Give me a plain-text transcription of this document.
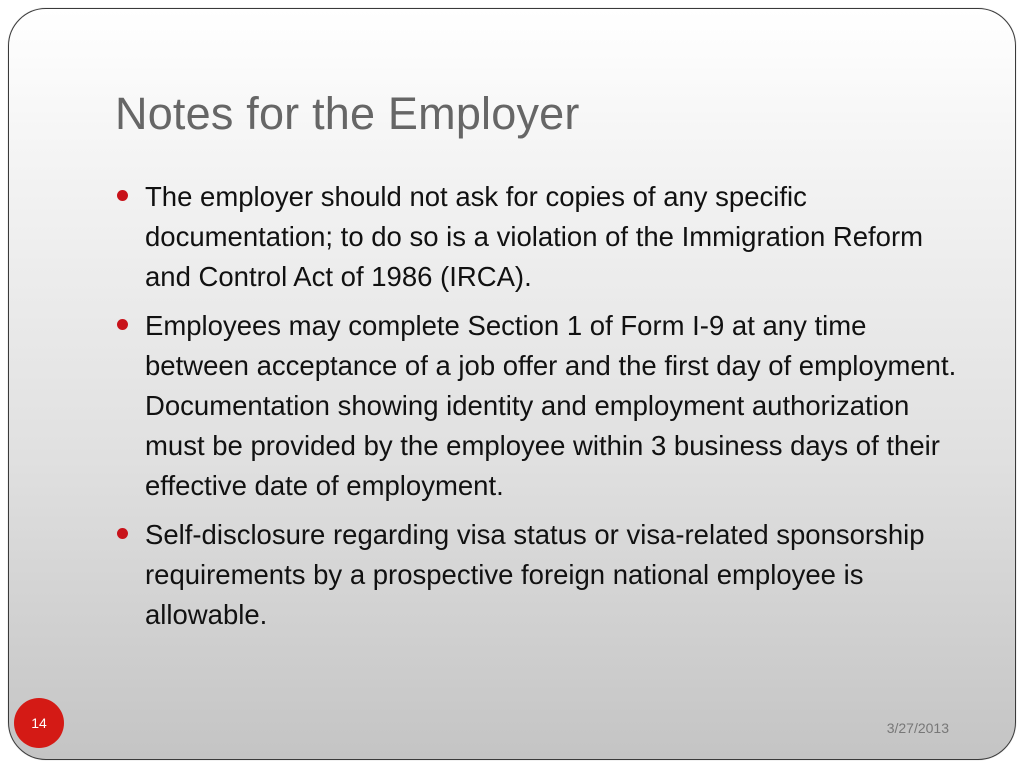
Notes for the Employer
The employer should not ask for copies of any specific documentation; to do so is a violation of the Immigration Reform and Control Act of 1986 (IRCA).
Employees may complete Section 1 of Form I-9 at any time between acceptance of a job offer and the first day of employment.  Documentation showing identity and employment authorization must be provided by the employee within 3 business days of their effective date of employment.
Self-disclosure regarding visa status or visa-related sponsorship requirements by a prospective foreign national employee is allowable.
3/27/2013
14
